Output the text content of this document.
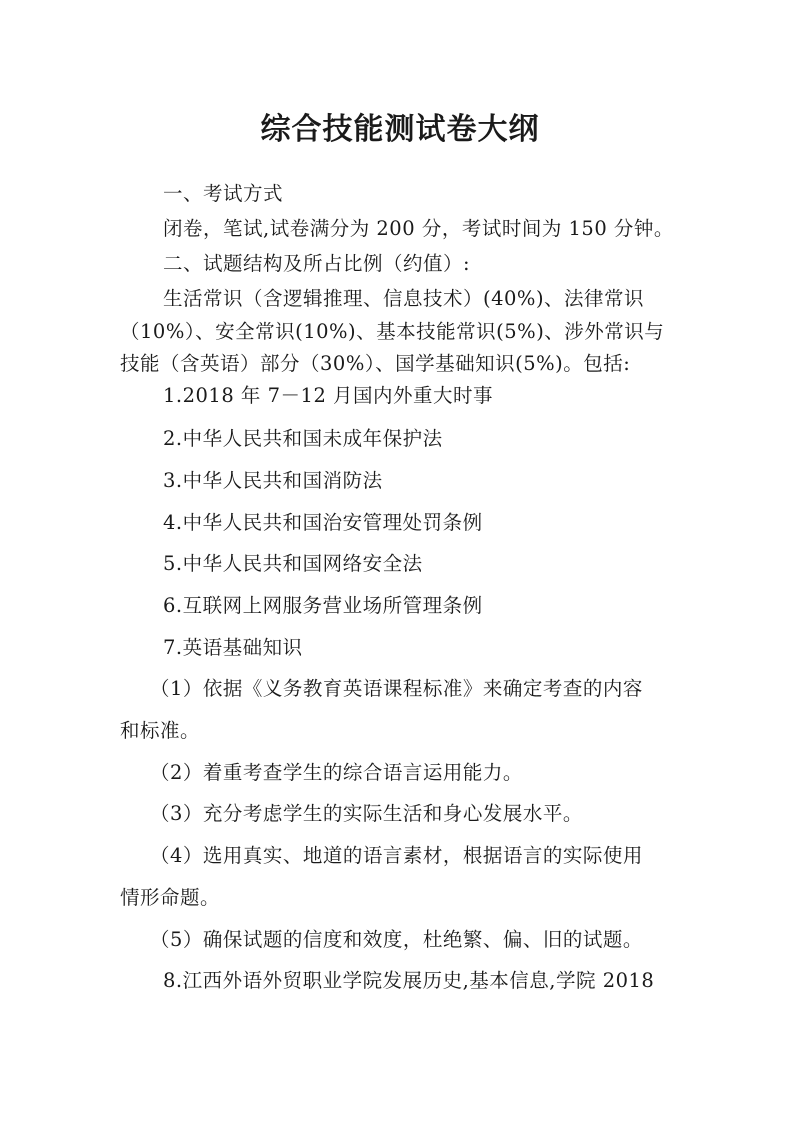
综合技能测试卷大纲

一、考试方式

闭卷，笔试,试卷满分为 200 分，考试时间为 150 分钟。

二、试题结构及所占比例（约值）:

生活常识（含逻辑推理、信息技术）(40%)、法律常识

（10%）、安全常识(10%)、基本技能常识(5%)、涉外常识与

技能（含英语）部分（30%）、国学基础知识(5%)。包括:

1.2018 年 7－12 月国内外重大时事

2.中华人民共和国未成年保护法

3.中华人民共和国消防法

4.中华人民共和国治安管理处罚条例

5.中华人民共和国网络安全法

6.互联网上网服务营业场所管理条例

7.英语基础知识

（1）依据《义务教育英语课程标准》来确定考查的内容

和标准。

（2）着重考查学生的综合语言运用能力。

（3）充分考虑学生的实际生活和身心发展水平。

（4）选用真实、地道的语言素材，根据语言的实际使用

情形命题。

（5）确保试题的信度和效度，杜绝繁、偏、旧的试题。

8.江西外语外贸职业学院发展历史,基本信息,学院 2018
